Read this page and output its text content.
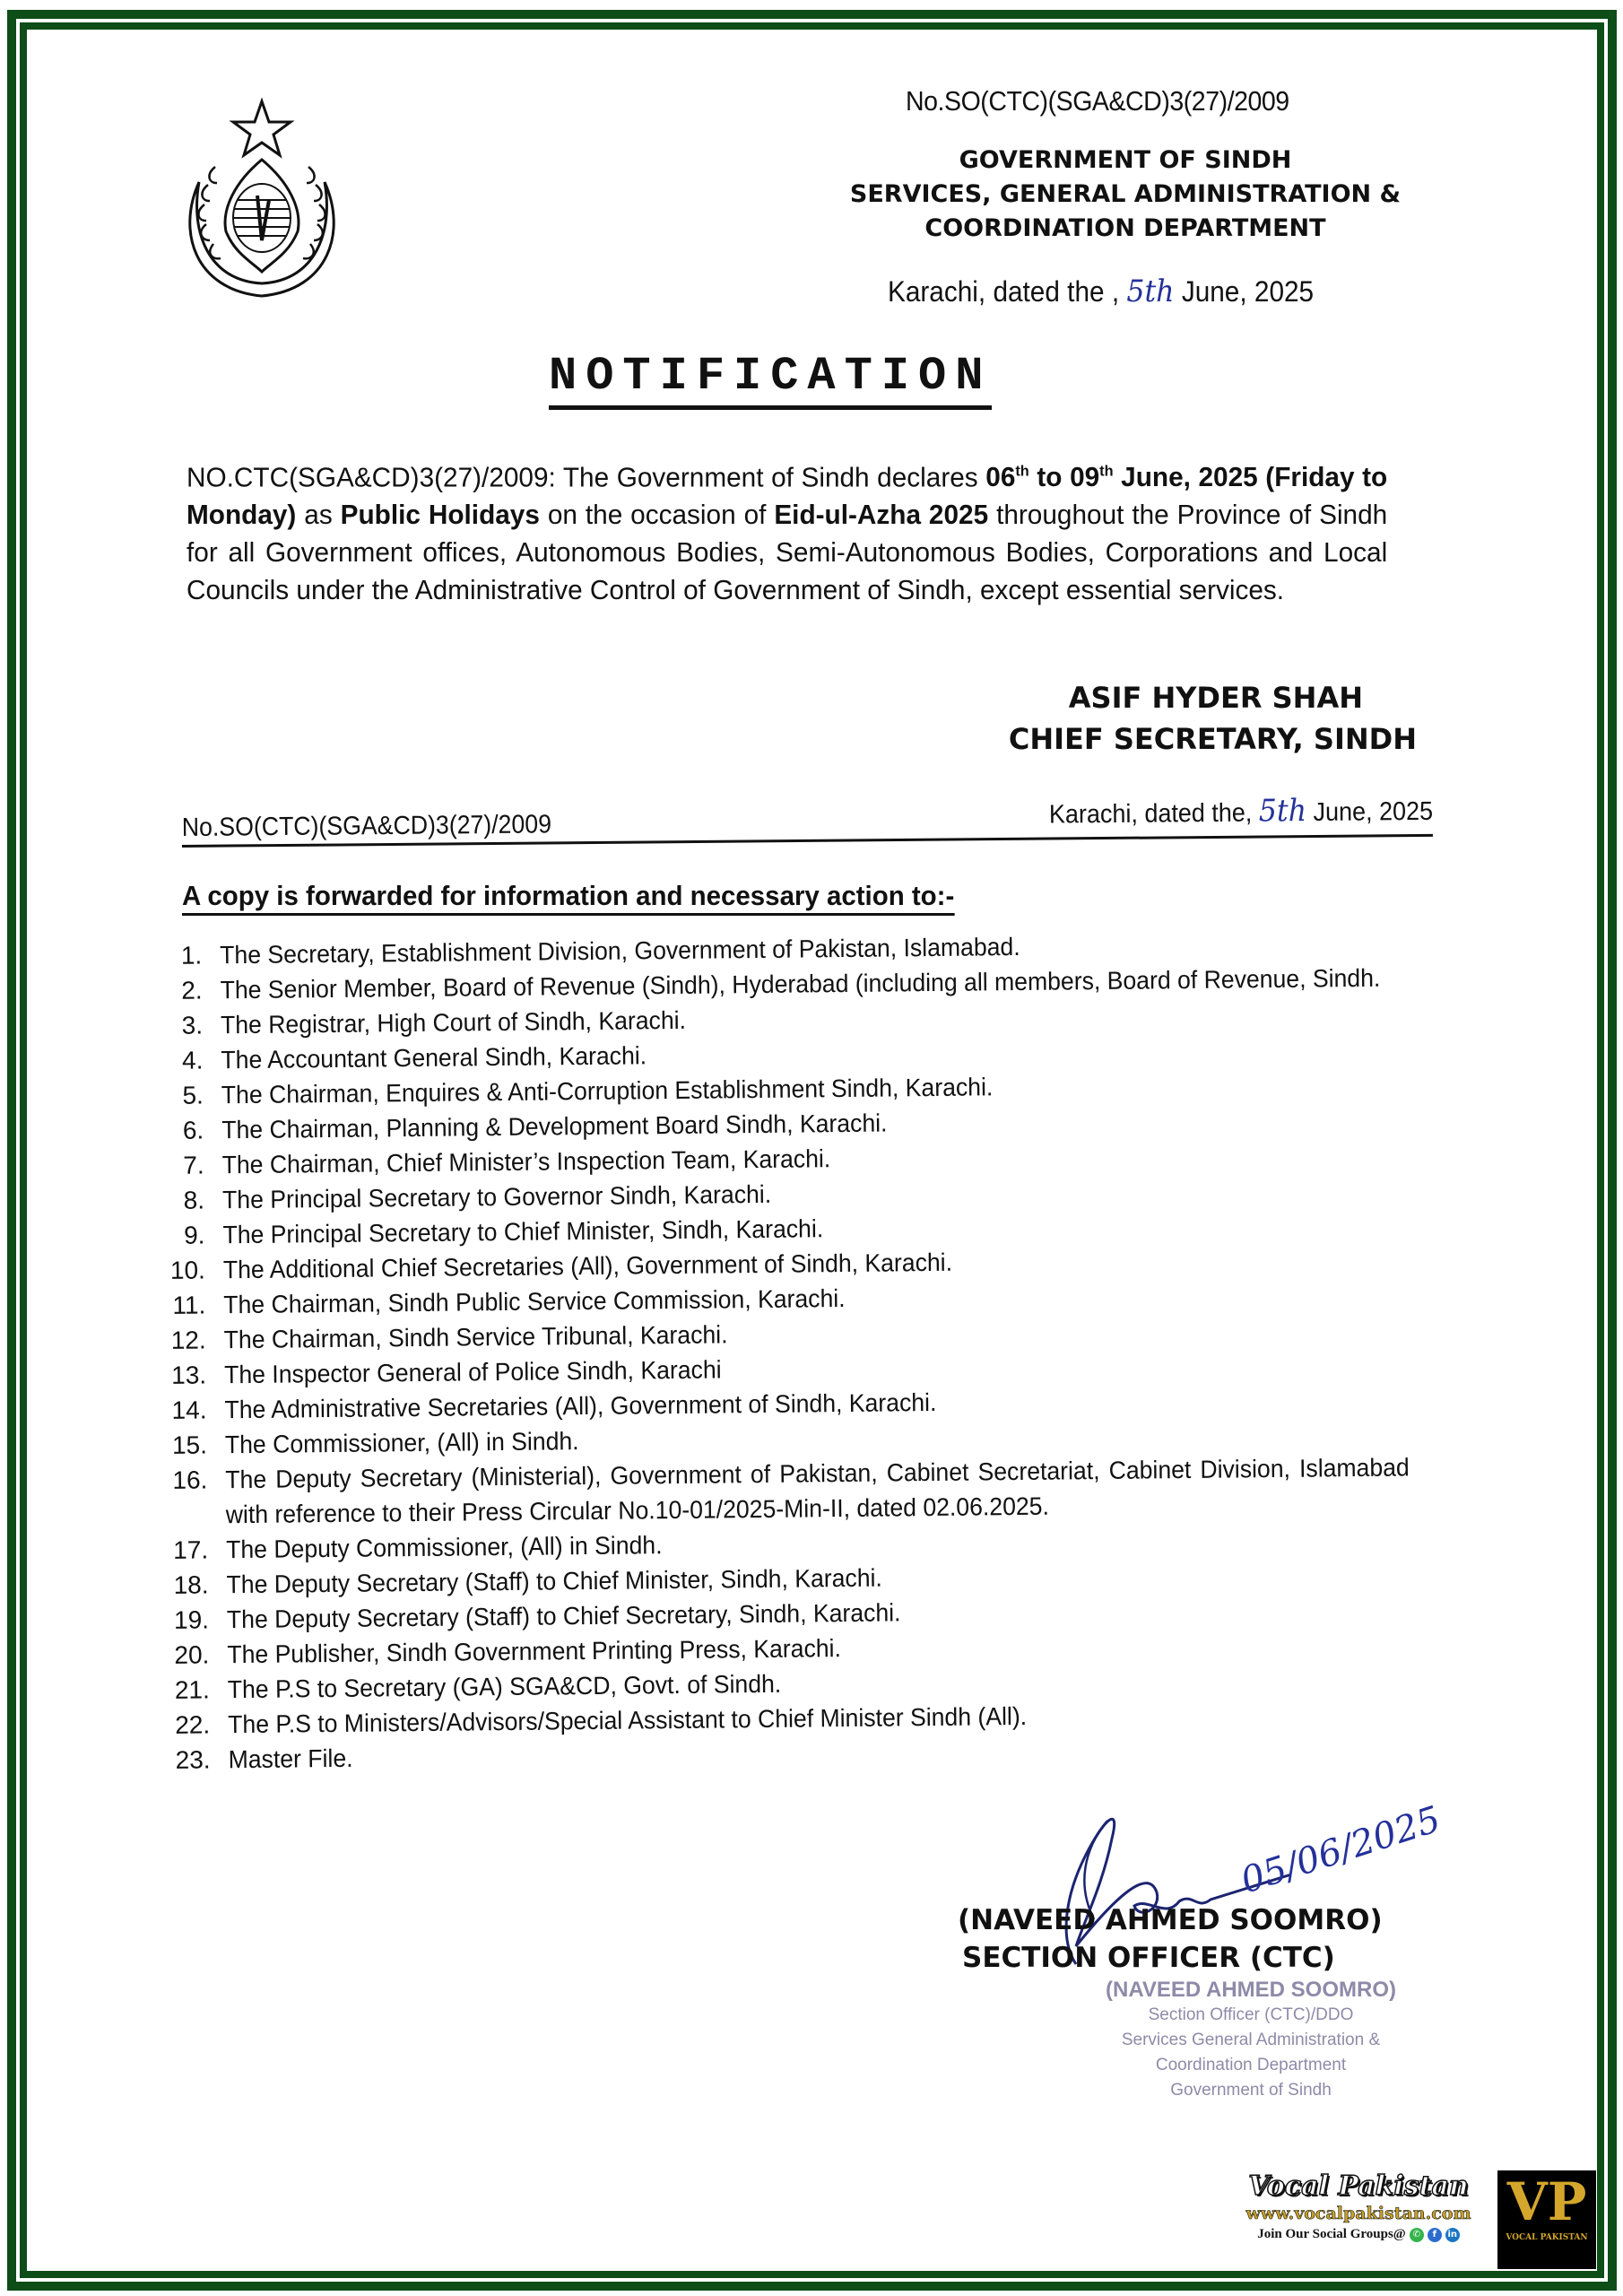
No.SO(CTC)(SGA&CD)3(27)/2009
GOVERNMENT OF SINDH
SERVICES, GENERAL ADMINISTRATION &
COORDINATION DEPARTMENT
Karachi, dated the , 5th June, 2025
NOTIFICATION
NO.CTC(SGA&CD)3(27)/2009: The Government of Sindh declares 06th to 09th June, 2025 (Friday to Monday) as Public Holidays on the occasion of Eid-ul-Azha 2025 throughout the Province of Sindh for all Government offices, Autonomous Bodies, Semi-Autonomous Bodies, Corporations and Local Councils under the Administrative Control of Government of Sindh, except essential services.
ASIF HYDER SHAH
CHIEF SECRETARY, SINDH
No.SO(CTC)(SGA&CD)3(27)/2009	Karachi, dated the, 5th June, 2025
A copy is forwarded for information and necessary action to:-
1. The Secretary, Establishment Division, Government of Pakistan, Islamabad.
2. The Senior Member, Board of Revenue (Sindh), Hyderabad (including all members, Board of Revenue, Sindh.
3. The Registrar, High Court of Sindh, Karachi.
4. The Accountant General Sindh, Karachi.
5. The Chairman, Enquires & Anti-Corruption Establishment Sindh, Karachi.
6. The Chairman, Planning & Development Board Sindh, Karachi.
7. The Chairman, Chief Minister’s Inspection Team, Karachi.
8. The Principal Secretary to Governor Sindh, Karachi.
9. The Principal Secretary to Chief Minister, Sindh, Karachi.
10. The Additional Chief Secretaries (All), Government of Sindh, Karachi.
11. The Chairman, Sindh Public Service Commission, Karachi.
12. The Chairman, Sindh Service Tribunal, Karachi.
13. The Inspector General of Police Sindh, Karachi
14. The Administrative Secretaries (All), Government of Sindh, Karachi.
15. The Commissioner, (All) in Sindh.
16. The Deputy Secretary (Ministerial), Government of Pakistan, Cabinet Secretariat, Cabinet Division, Islamabad with reference to their Press Circular No.10-01/2025-Min-II, dated 02.06.2025.
17. The Deputy Commissioner, (All) in Sindh.
18. The Deputy Secretary (Staff) to Chief Minister, Sindh, Karachi.
19. The Deputy Secretary (Staff) to Chief Secretary, Sindh, Karachi.
20. The Publisher, Sindh Government Printing Press, Karachi.
21. The P.S to Secretary (GA) SGA&CD, Govt. of Sindh.
22. The P.S to Ministers/Advisors/Special Assistant to Chief Minister Sindh (All).
23. Master File.
05/06/2025
(NAVEED AHMED SOOMRO)
SECTION OFFICER (CTC)
(NAVEED AHMED SOOMRO)
Section Officer (CTC)/DDO
Services General Administration &
Coordination Department
Government of Sindh
Vocal Pakistan
www.vocalpakistan.com
Join Our Social Groups@ ✆	f	in
VP
VOCAL PAKISTAN
